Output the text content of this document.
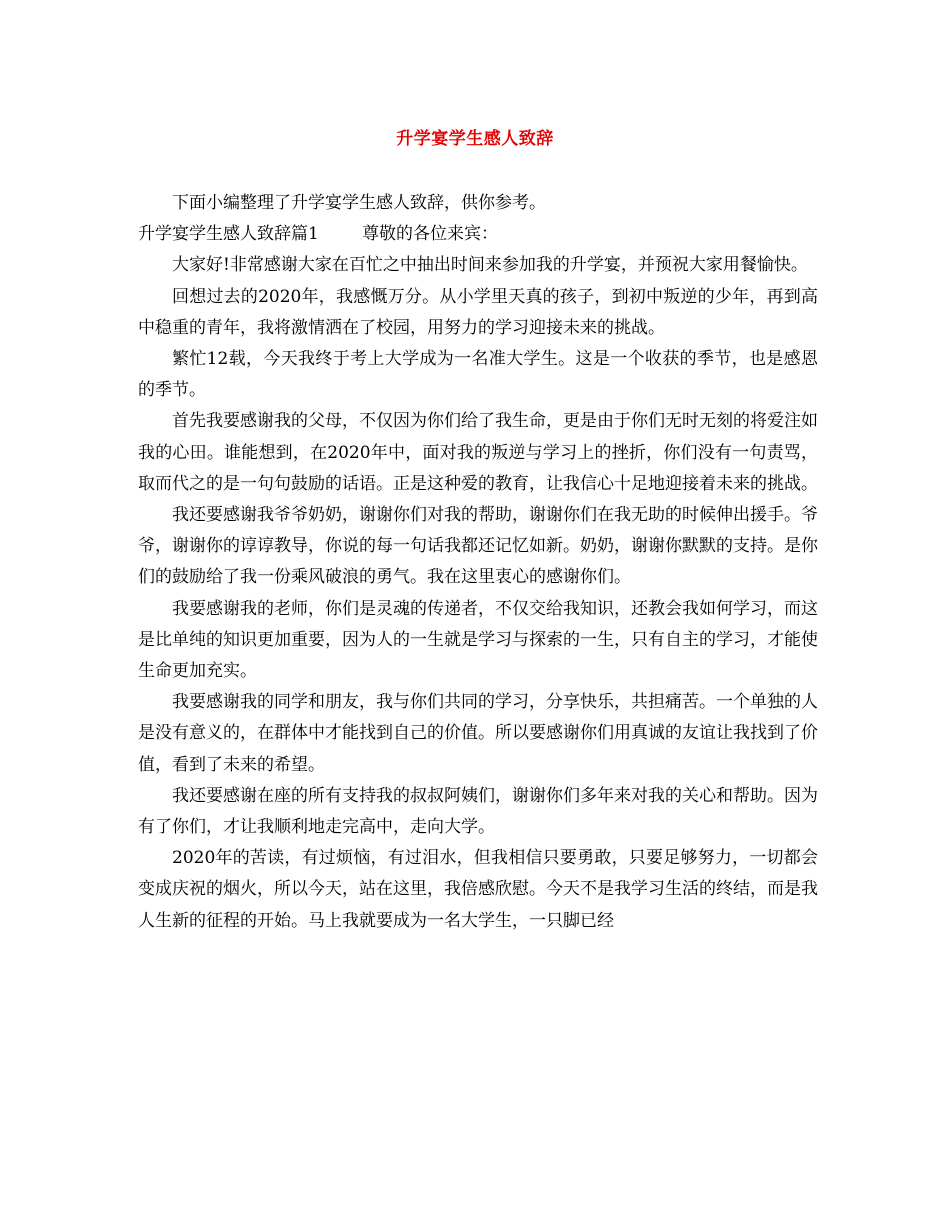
升学宴学生感人致辞

下面小编整理了升学宴学生感人致辞，供你参考。

升学宴学生感人致辞篇1	尊敬的各位来宾：

大家好!非常感谢大家在百忙之中抽出时间来参加我的升学宴，并预祝大家用餐愉快。

回想过去的2020年，我感慨万分。从小学里天真的孩子，到初中叛逆的少年，再到高中稳重的青年，我将激情洒在了校园，用努力的学习迎接未来的挑战。

繁忙12载，今天我终于考上大学成为一名准大学生。这是一个收获的季节，也是感恩的季节。

首先我要感谢我的父母，不仅因为你们给了我生命，更是由于你们无时无刻的将爱注如我的心田。谁能想到，在2020年中，面对我的叛逆与学习上的挫折，你们没有一句责骂，取而代之的是一句句鼓励的话语。正是这种爱的教育，让我信心十足地迎接着未来的挑战。

我还要感谢我爷爷奶奶，谢谢你们对我的帮助，谢谢你们在我无助的时候伸出援手。爷爷，谢谢你的谆谆教导，你说的每一句话我都还记忆如新。奶奶，谢谢你默默的支持。是你们的鼓励给了我一份乘风破浪的勇气。我在这里衷心的感谢你们。

我要感谢我的老师，你们是灵魂的传递者，不仅交给我知识，还教会我如何学习，而这是比单纯的知识更加重要，因为人的一生就是学习与探索的一生，只有自主的学习，才能使生命更加充实。

我要感谢我的同学和朋友，我与你们共同的学习，分享快乐，共担痛苦。一个单独的人是没有意义的，在群体中才能找到自己的价值。所以要感谢你们用真诚的友谊让我找到了价值，看到了未来的希望。

我还要感谢在座的所有支持我的叔叔阿姨们，谢谢你们多年来对我的关心和帮助。因为有了你们，才让我顺利地走完高中，走向大学。

2020年的苦读，有过烦恼，有过泪水，但我相信只要勇敢，只要足够努力，一切都会变成庆祝的烟火，所以今天，站在这里，我倍感欣慰。今天不是我学习生活的终结，而是我人生新的征程的开始。马上我就要成为一名大学生，一只脚已经
